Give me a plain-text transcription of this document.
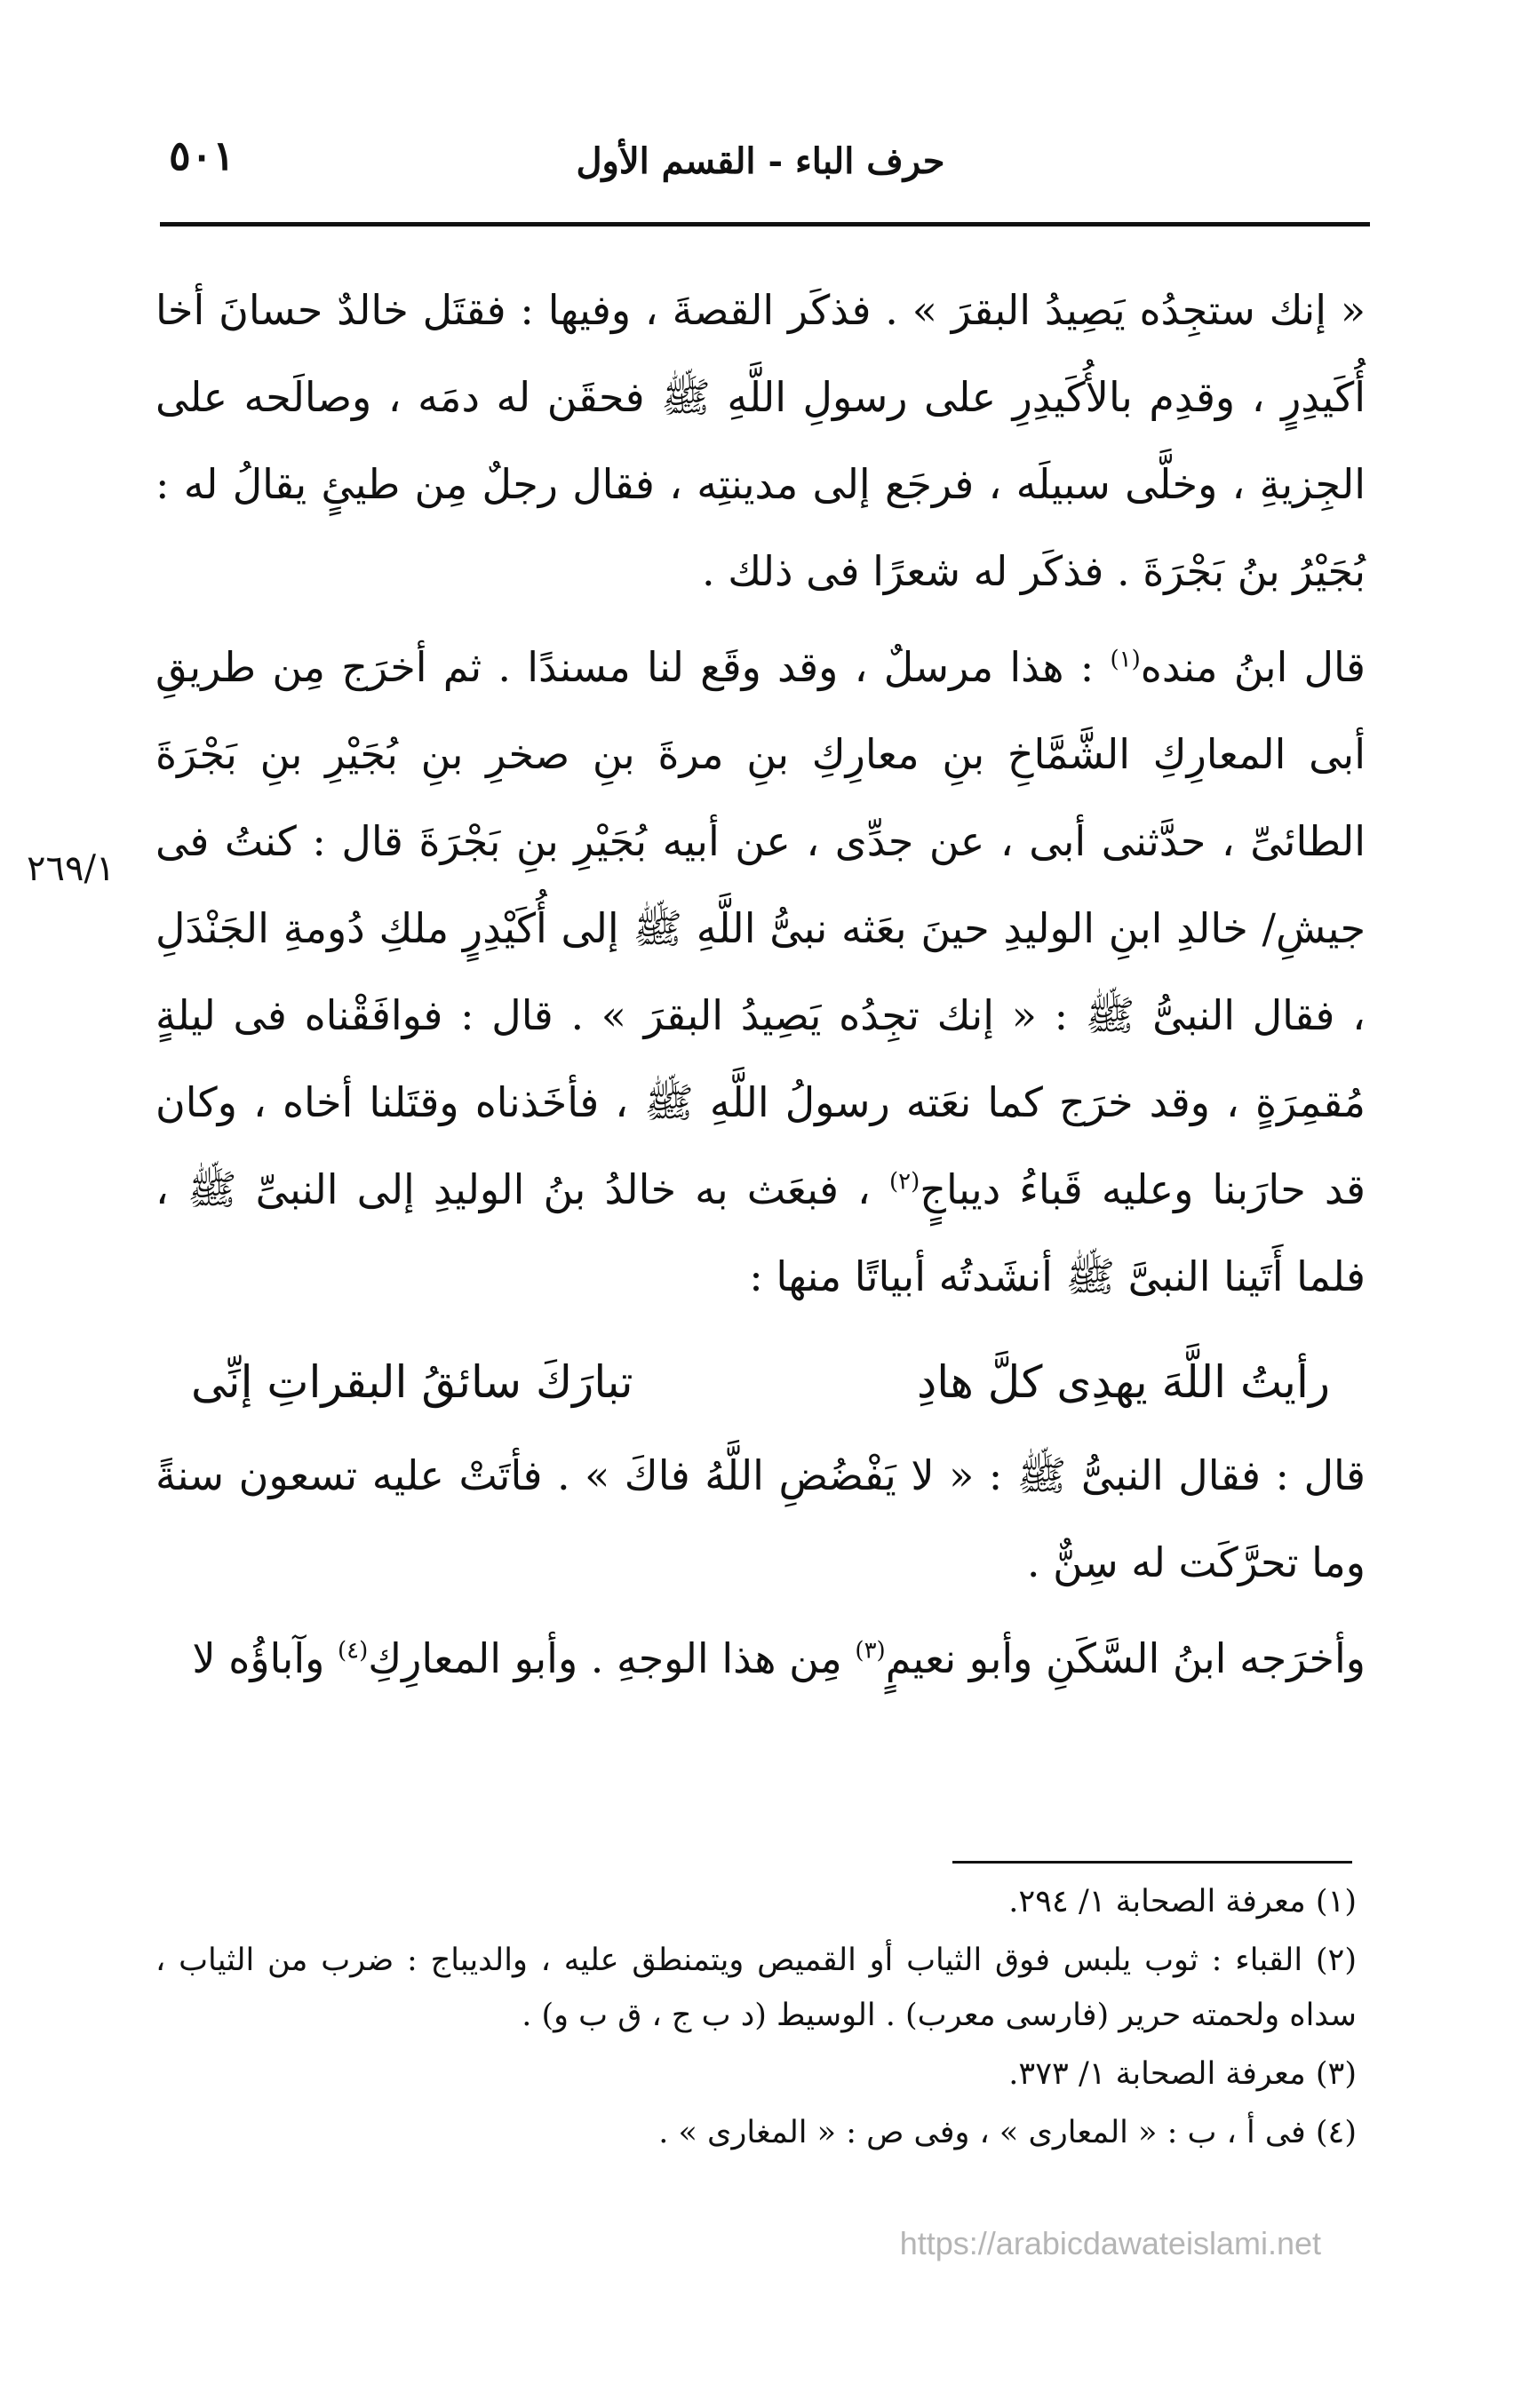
٥٠١	حرف الباء - القسم الأول
٢٦٩/١

« إنك ستجِدُه يَصِيدُ البقرَ » . فذكَر القصةَ ، وفيها : فقتَل خالدٌ حسانَ أخا أُكَيدِرٍ ، وقدِم بالأُكَيدِرِ على رسولِ اللَّهِ ﷺ فحقَن له دمَه ، وصالَحه على الجِزيةِ ، وخلَّى سبيلَه ، فرجَع إلى مدينتِه ، فقال رجلٌ مِن طيئٍ يقالُ له : بُجَيْرُ بنُ بَجْرَةَ . فذكَر له شعرًا فى ذلك .

قال ابنُ منده$^{(١)}$ : هذا مرسلٌ ، وقد وقَع لنا مسندًا . ثم أخرَج مِن طريقِ أبى المعارِكِ الشَّمَّاخِ بنِ معارِكِ بنِ مرةَ بنِ صخرِ بنِ بُجَيْرِ بنِ بَجْرَةَ الطائىِّ ، حدَّثنى أبى ، عن جدِّى ، عن أبيه بُجَيْرِ بنِ بَجْرَةَ قال : كنتُ فى جيشِ/ خالدِ ابنِ الوليدِ حينَ بعَثه نبىُّ اللَّهِ ﷺ إلى أُكَيْدِرٍ ملكِ دُومةِ الجَنْدَلِ ، فقال النبىُّ ﷺ : « إنك تجِدُه يَصِيدُ البقرَ » . قال : فوافَقْناه فى ليلةٍ مُقمِرَةٍ ، وقد خرَج كما نعَته رسولُ اللَّهِ ﷺ ، فأخَذناه وقتَلنا أخاه ، وكان قد حارَبنا وعليه قَباءُ ديباجٍ$^{(٢)}$ ، فبعَث به خالدُ بنُ الوليدِ إلى النبىِّ ﷺ ، فلما أَتَينا النبىَّ ﷺ أنشَدتُه أبياتًا منها :

رأيتُ اللَّهَ يهدِى كلَّ هادِ
تبارَكَ سائقُ البقراتِ إنِّى

قال : فقال النبىُّ ﷺ : « لا يَفْضُضِ اللَّهُ فاكَ » . فأتَتْ عليه تسعون سنةً وما تحرَّكَت له سِنٌّ .

وأخرَجه ابنُ السَّكَنِ وأبو نعيمٍ$^{(٣)}$ مِن هذا الوجهِ . وأبو المعارِكِ$^{(٤)}$ وآباؤُه لا

(١) معرفة الصحابة ١/ ٢٩٤.

(٢) القباء : ثوب يلبس فوق الثياب أو القميص ويتمنطق عليه ، والديباج : ضرب من الثياب ، سداه ولحمته حرير (فارسى معرب) . الوسيط (د ب ج ، ق ب و) .

(٣) معرفة الصحابة ١/ ٣٧٣.

(٤) فى أ ، ب : « المعارى » ، وفى ص : « المغارى » .

https://arabicdawateislami.net
